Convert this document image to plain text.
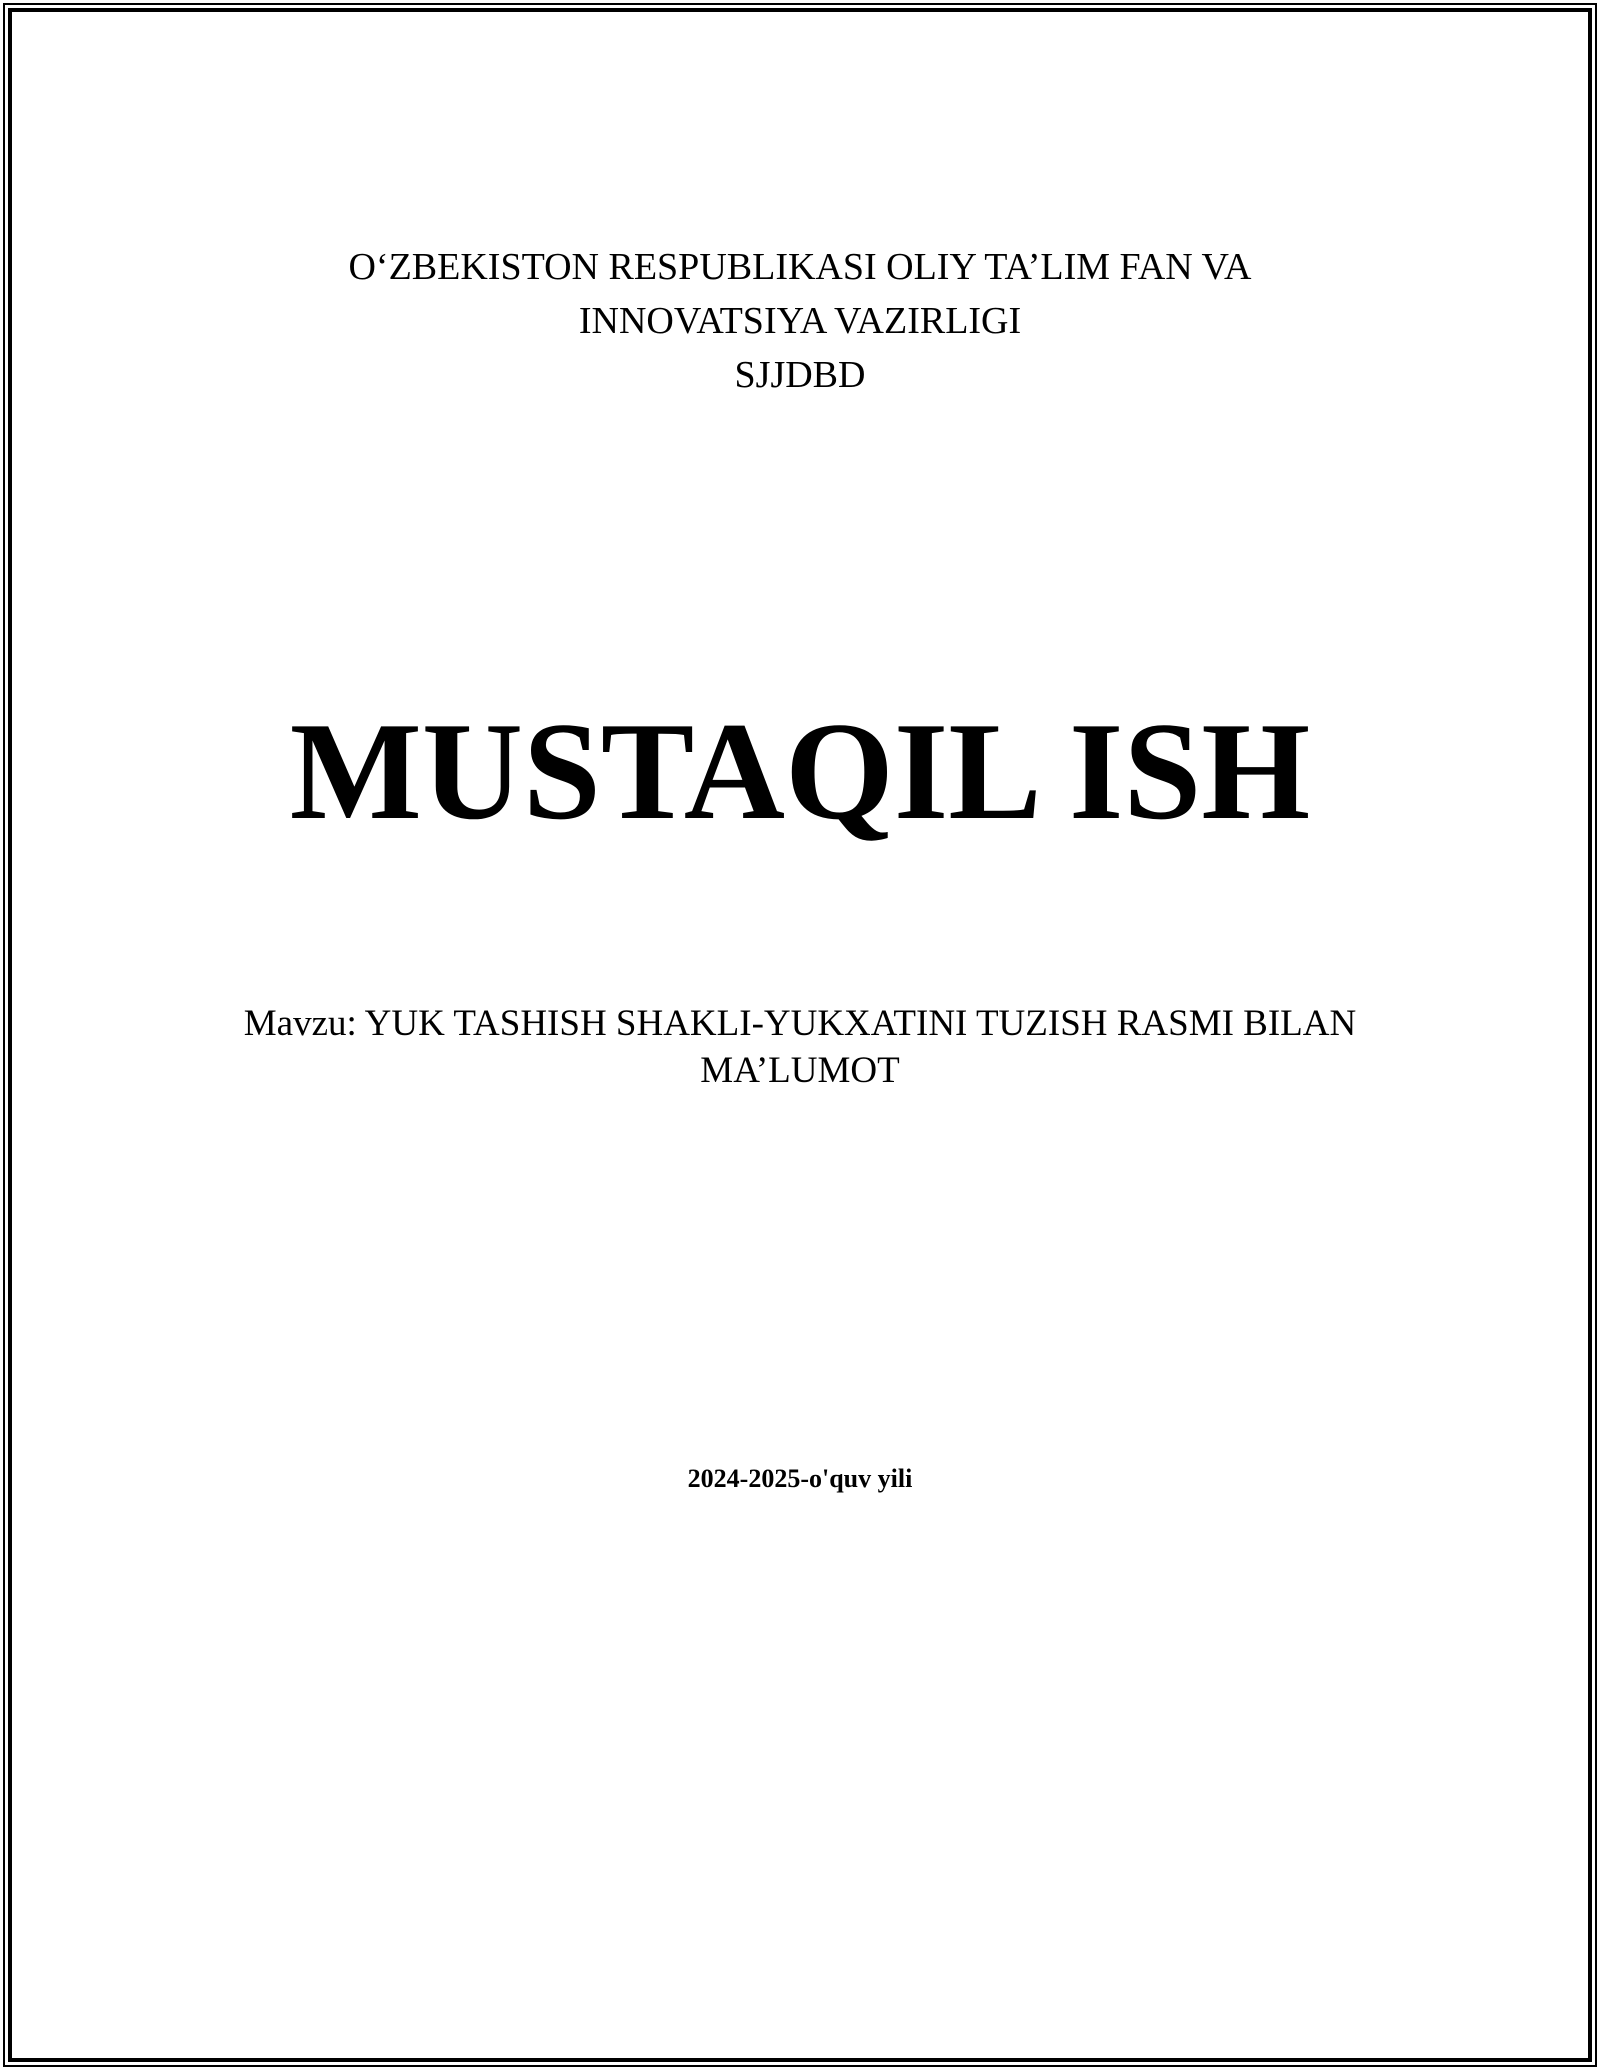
O‘ZBEKISTON RESPUBLIKASI OLIY TA’LIM FAN VA
INNOVATSIYA VAZIRLIGI
SJJDBD
MUSTAQIL ISH
Mavzu: YUK TASHISH SHAKLI-YUKXATINI TUZISH RASMI BILAN
MA’LUMOT
2024-2025-o'quv yili
